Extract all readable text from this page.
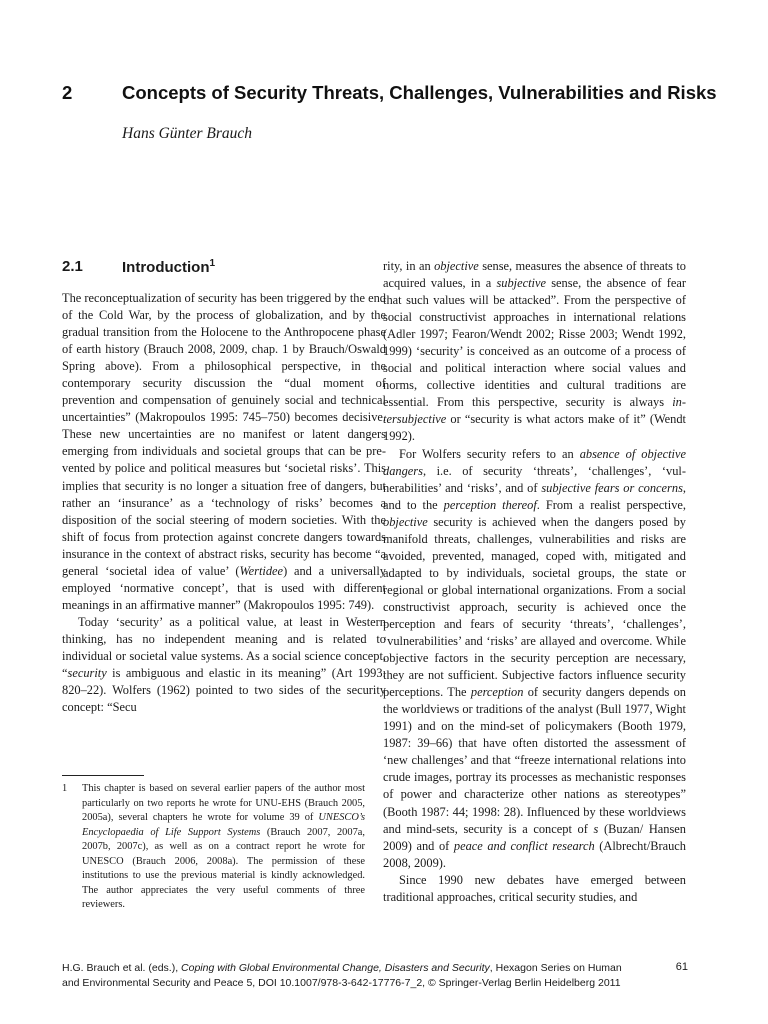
2	Concepts of Security Threats, Challenges, Vulnerabilities and Risks
Hans Günter Brauch
2.1	Introduction$^1$

The reconceptualization of security has been triggered by the end of the Cold War, by the process of globalization, and by the gradual transition from the Holocene to the Anthropocene phase of earth history (Brauch 2008, 2009, chap. 1 by Brauch/Oswald Spring above). From a philosophical perspective, in the contemporary security discussion the “dual moment of prevention and compensation of genuinely social and technical uncertainties” (Makropoulos 1995: 745–750) becomes decisive. These new uncertainties are no manifest or latent dangers emerging from individuals and societal groups that can be prevented by police and political measures but ‘societal risks’. This implies that security is no longer a situation free of dangers, but rather an ‘insurance’ as a ‘technology of risks’ becomes a disposition of the social steering of modern societies. With the shift of focus from protection against concrete dangers towards insurance in the context of abstract risks, security has become “a general ‘societal idea of value’ (Wertidee) and a universally employed ‘normative concept’, that is used with different meanings in an affirmative manner” (Makropoulos 1995: 749).

Today ‘security’ as a political value, at least in Western thinking, has no independent meaning and is related to individual or societal value systems. As a social science concept, “security is ambiguous and elastic in its meaning” (Art 1993: 820–22). Wolfers (1962) pointed to two sides of the security concept: “Secu

rity, in an objective sense, measures the absence of threats to acquired values, in a subjective sense, the absence of fear that such values will be attacked”. From the perspective of social constructivist approaches in international relations (Adler 1997; Fearon/Wendt 2002; Risse 2003; Wendt 1992, 1999) ‘security’ is conceived as an outcome of a process of social and political interaction where social values and norms, collective identities and cultural traditions are essential. From this perspective, security is always intersubjective or “security is what actors make of it” (Wendt 1992).

For Wolfers security refers to an absence of objective dangers, i.e. of security ‘threats’, ‘challenges’, ‘vulnerabilities’ and ‘risks’, and of subjective fears or concerns, and to the perception thereof. From a realist perspective, objective security is achieved when the dangers posed by manifold threats, challenges, vulnerabilities and risks are avoided, prevented, managed, coped with, mitigated and adapted to by individuals, societal groups, the state or regional or global international organizations. From a social constructivist approach, security is achieved once the perception and fears of security ‘threats’, ‘challenges’, ‘vulnerabilities’ and ‘risks’ are allayed and overcome. While objective factors in the security perception are necessary, they are not sufficient. Subjective factors influence security perceptions. The perception of security dangers depends on the worldviews or traditions of the analyst (Bull 1977, Wight 1991) and on the mind-set of policymakers (Booth 1979, 1987: 39–66) that have often distorted the assessment of ‘new challenges’ and that “freeze international relations into crude images, portray its processes as mechanistic responses of power and characterize other nations as stereotypes” (Booth 1987: 44; 1998: 28). Influenced by these worldviews and mind-sets, security is a concept of s (Buzan/ Hansen 2009) and of peace and conflict research (Albrecht/Brauch 2008, 2009).

Since 1990 new debates have emerged between traditional approaches, critical security studies, and

1 This chapter is based on several earlier papers of the author most particularly on two reports he wrote for UNU-EHS (Brauch 2005, 2005a), several chapters he wrote for volume 39 of UNESCO’s Encyclopaedia of Life Support Systems (Brauch 2007, 2007a, 2007b, 2007c), as well as on a contract report he wrote for UNESCO (Brauch 2006, 2008a). The permission of these institutions to use the previous material is kindly acknowledged. The author appreciates the very useful comments of three reviewers.
H.G. Brauch et al. (eds.), Coping with Global Environmental Change, Disasters and Security, Hexagon Series on Human and Environmental Security and Peace 5, DOI 10.1007/978-3-642-17776-7_2, © Springer-Verlag Berlin Heidelberg 2011
61
